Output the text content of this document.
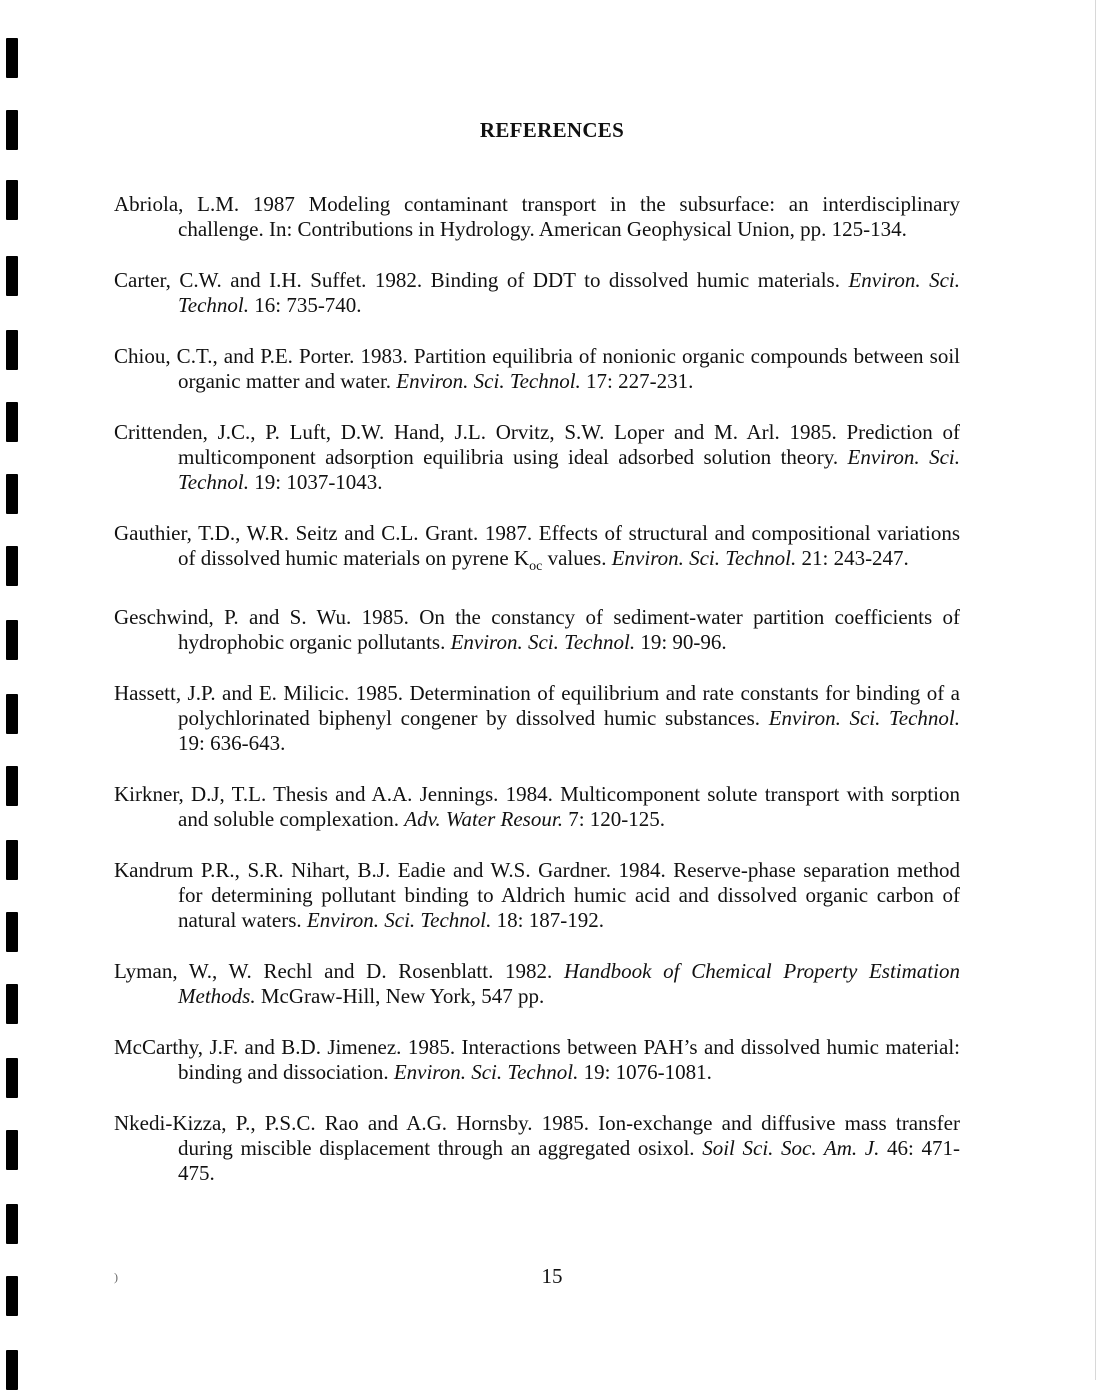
REFERENCES
Abriola, L.M. 1987 Modeling contaminant transport in the subsurface: an interdisciplinary challenge. In: Contributions in Hydrology. American Geophysical Union, pp. 125-134.
Carter, C.W. and I.H. Suffet. 1982. Binding of DDT to dissolved humic materials. Environ. Sci. Technol. 16: 735-740.
Chiou, C.T., and P.E. Porter. 1983. Partition equilibria of nonionic organic compounds between soil organic matter and water. Environ. Sci. Technol. 17: 227-231.
Crittenden, J.C., P. Luft, D.W. Hand, J.L. Orvitz, S.W. Loper and M. Arl. 1985. Prediction of multicomponent adsorption equilibria using ideal adsorbed solution theory. Environ. Sci. Technol. 19: 1037-1043.
Gauthier, T.D., W.R. Seitz and C.L. Grant. 1987. Effects of structural and compositional variations of dissolved humic materials on pyrene $K_{oc}$ values. Environ. Sci. Technol. 21: 243-247.
Geschwind, P. and S. Wu. 1985. On the constancy of sediment-water partition coefficients of hydrophobic organic pollutants. Environ. Sci. Technol. 19: 90-96.
Hassett, J.P. and E. Milicic. 1985. Determination of equilibrium and rate constants for binding of a polychlorinated biphenyl congener by dissolved humic substances. Environ. Sci. Technol. 19: 636-643.
Kirkner, D.J, T.L. Thesis and A.A. Jennings. 1984. Multicomponent solute transport with sorption and soluble complexation. Adv. Water Resour. 7: 120-125.
Kandrum P.R., S.R. Nihart, B.J. Eadie and W.S. Gardner. 1984. Reserve-phase separation method for determining pollutant binding to Aldrich humic acid and dissolved organic carbon of natural waters. Environ. Sci. Technol. 18: 187-192.
Lyman, W., W. Rechl and D. Rosenblatt. 1982. Handbook of Chemical Property Estimation Methods. McGraw-Hill, New York, 547 pp.
McCarthy, J.F. and B.D. Jimenez. 1985. Interactions between PAH’s and dissolved humic material: binding and dissociation. Environ. Sci. Technol. 19: 1076-1081.
Nkedi-Kizza, P., P.S.C. Rao and A.G. Hornsby. 1985. Ion-exchange and diffusive mass transfer during miscible displacement through an aggregated osixol. Soil Sci. Soc. Am. J. 46: 471-475.
)	15
